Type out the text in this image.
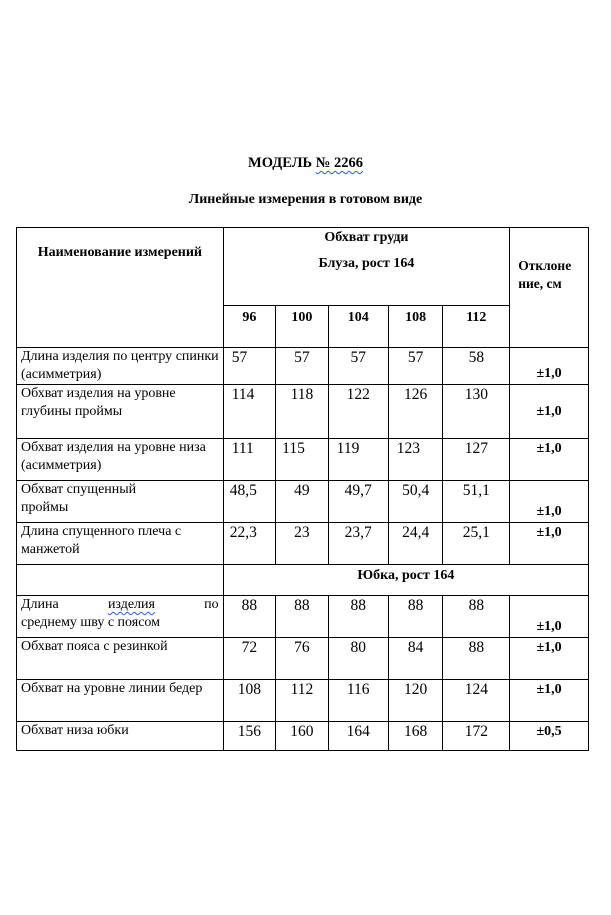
МОДЕЛЬ № 2266
Линейные измерения в готовом виде
Наименование измерений	Обхват груди
Блуза, рост 164					Отклоне ние, см
	96	100	104	108	112	
Длина изделия по центру спинки (асимметрия)	57	57	57	57	58	±1,0
Обхват изделия на уровне глубины проймы	114	118	122	126	130	±1,0
Обхват изделия на уровне низа (асимметрия)	111	115	119	123	127	±1,0
Обхват спущенный проймы	48,5	49	49,7	50,4	51,1	±1,0
Длина спущенного плеча с манжетой	22,3	23	23,7	24,4	25,1	±1,0
	Юбка, рост 164					

Длина изделия по
среднему шву с поясом	88	88	88	88	88	±1,0
Обхват пояса с резинкой	72	76	80	84	88	±1,0
Обхват на уровне линии бедер	108	112	116	120	124	±1,0
Обхват низа юбки	156	160	164	168	172	±0,5
